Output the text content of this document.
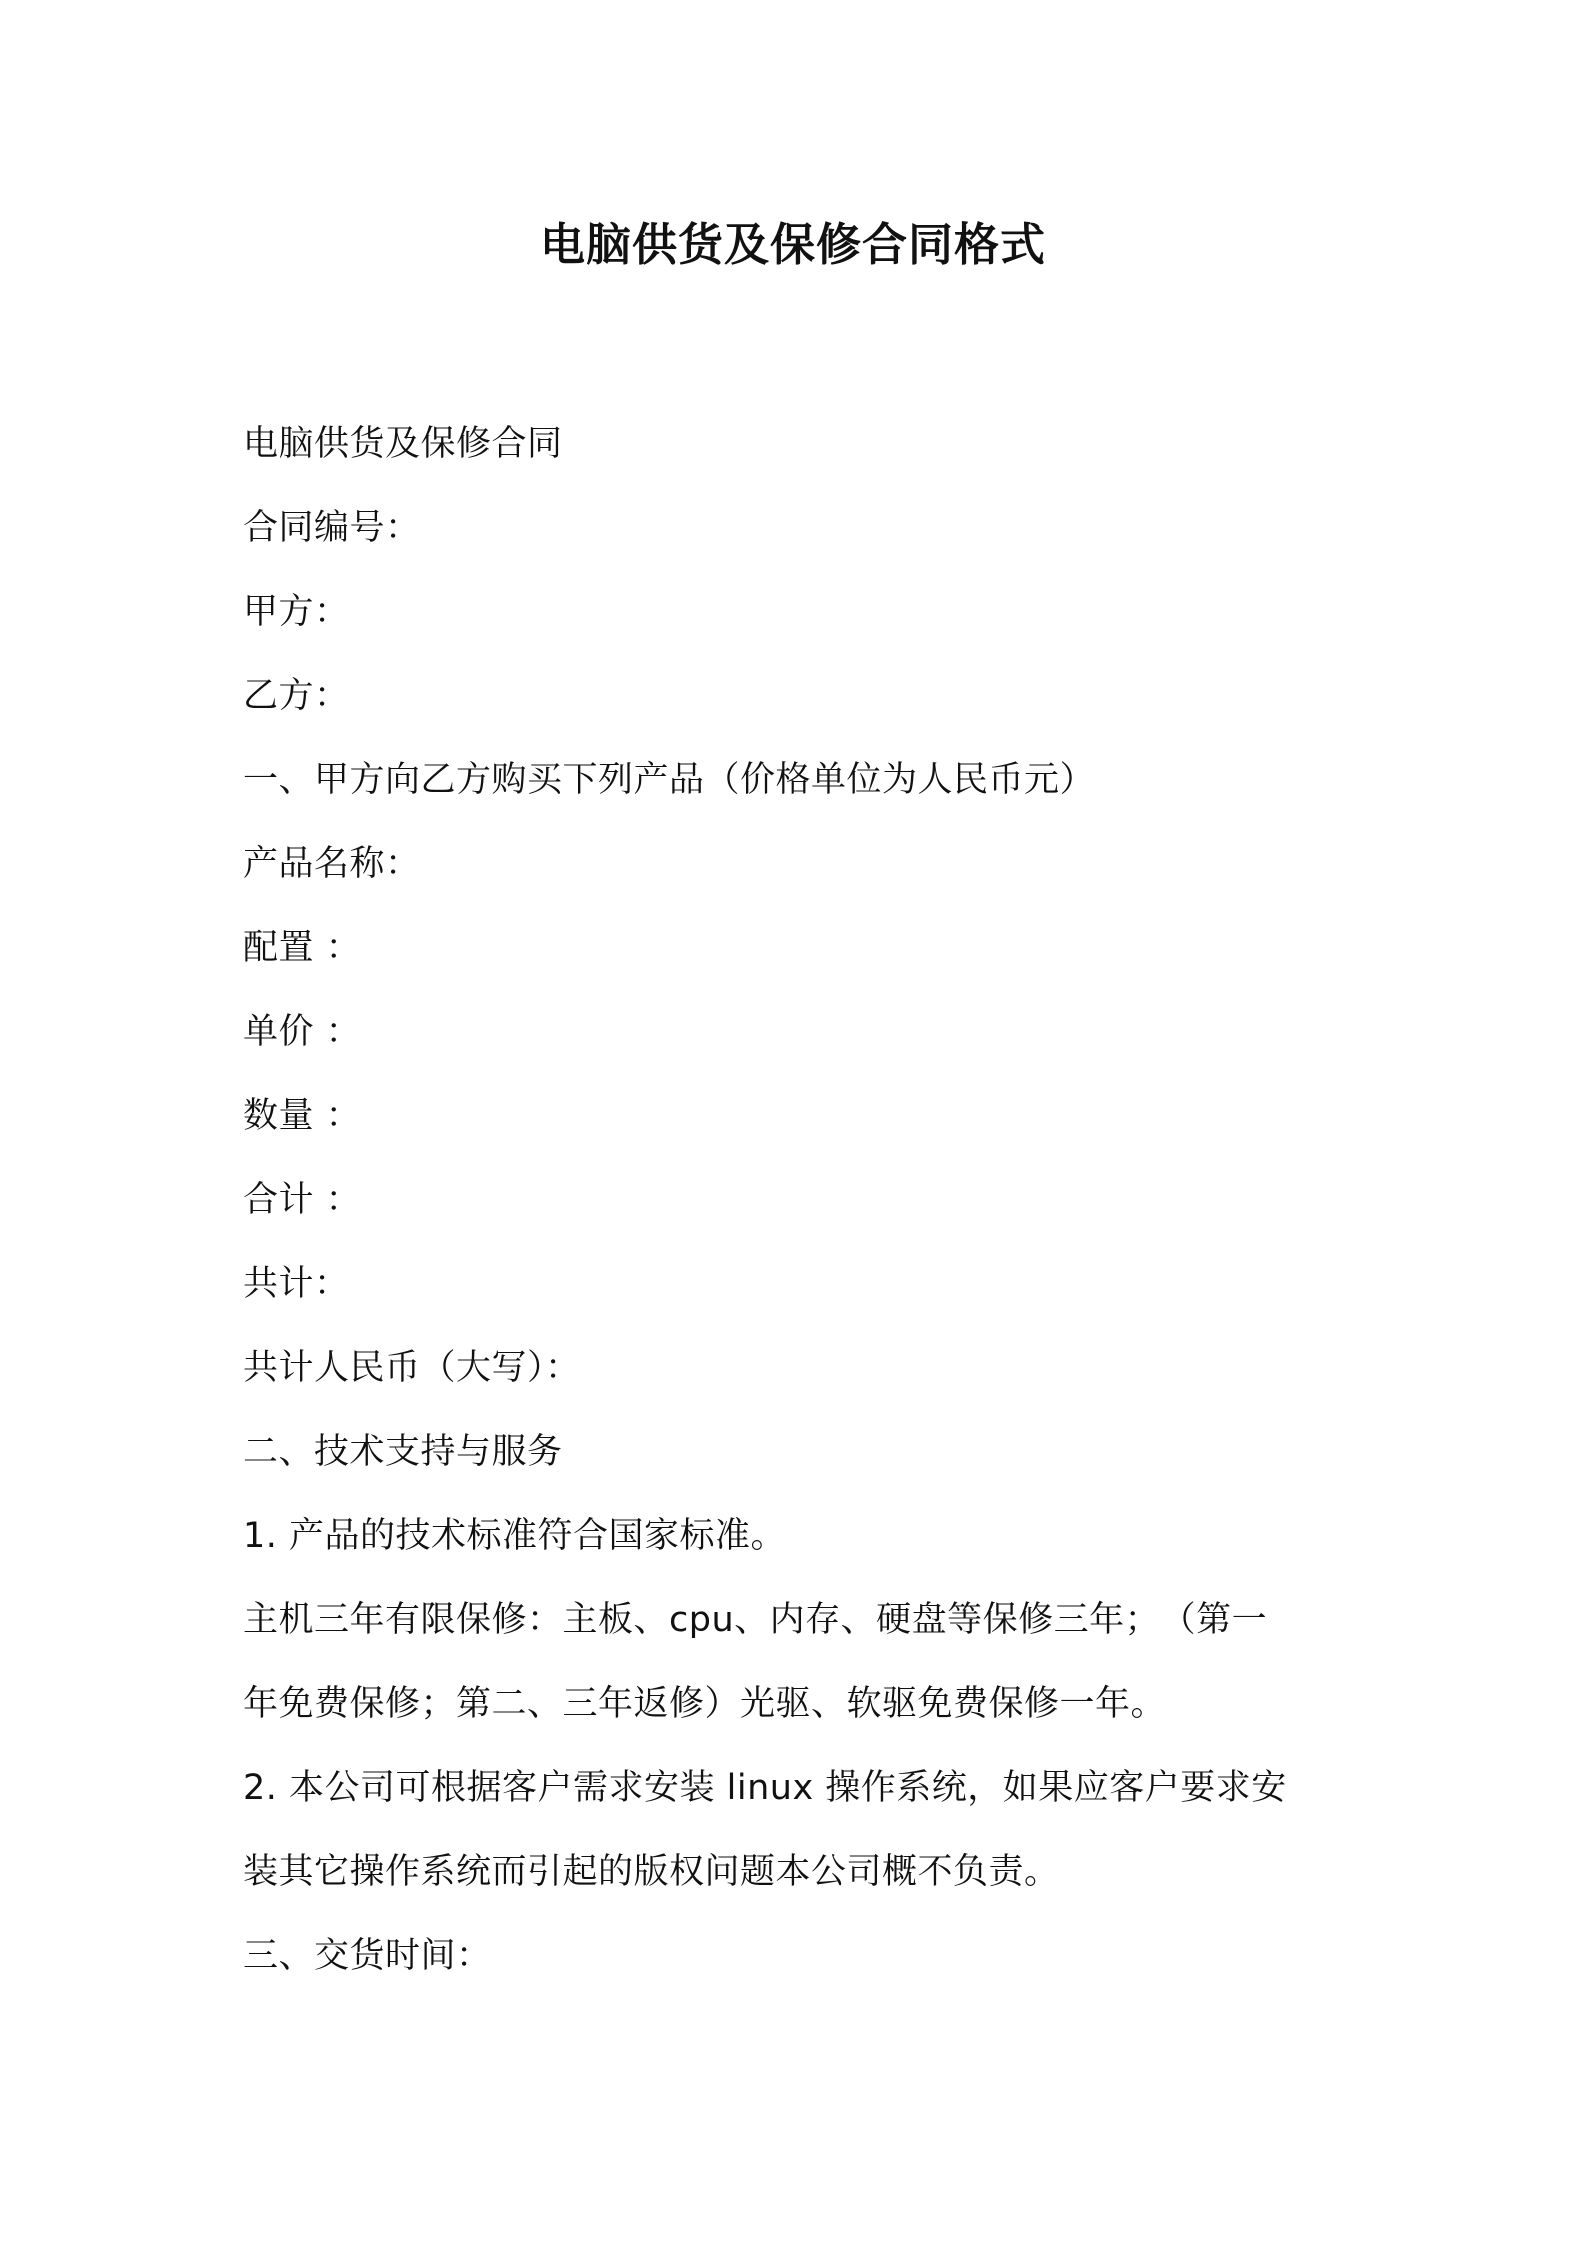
电脑供货及保修合同格式
电脑供货及保修合同
合同编号：
甲方：
乙方：
一、甲方向乙方购买下列产品（价格单位为人民币元）
产品名称：
配置 ：
单价 ：
数量 ：
合计 ：
共计：
共计人民币（大写）：
二、技术支持与服务
1. 产品的技术标准符合国家标准。
主机三年有限保修：主板、cpu、内存、硬盘等保修三年；　（第一
年免费保修；第二、三年返修）光驱、软驱免费保修一年。
2. 本公司可根据客户需求安装 linux 操作系统，如果应客户要求安
装其它操作系统而引起的版权问题本公司概不负责。
三、交货时间：
